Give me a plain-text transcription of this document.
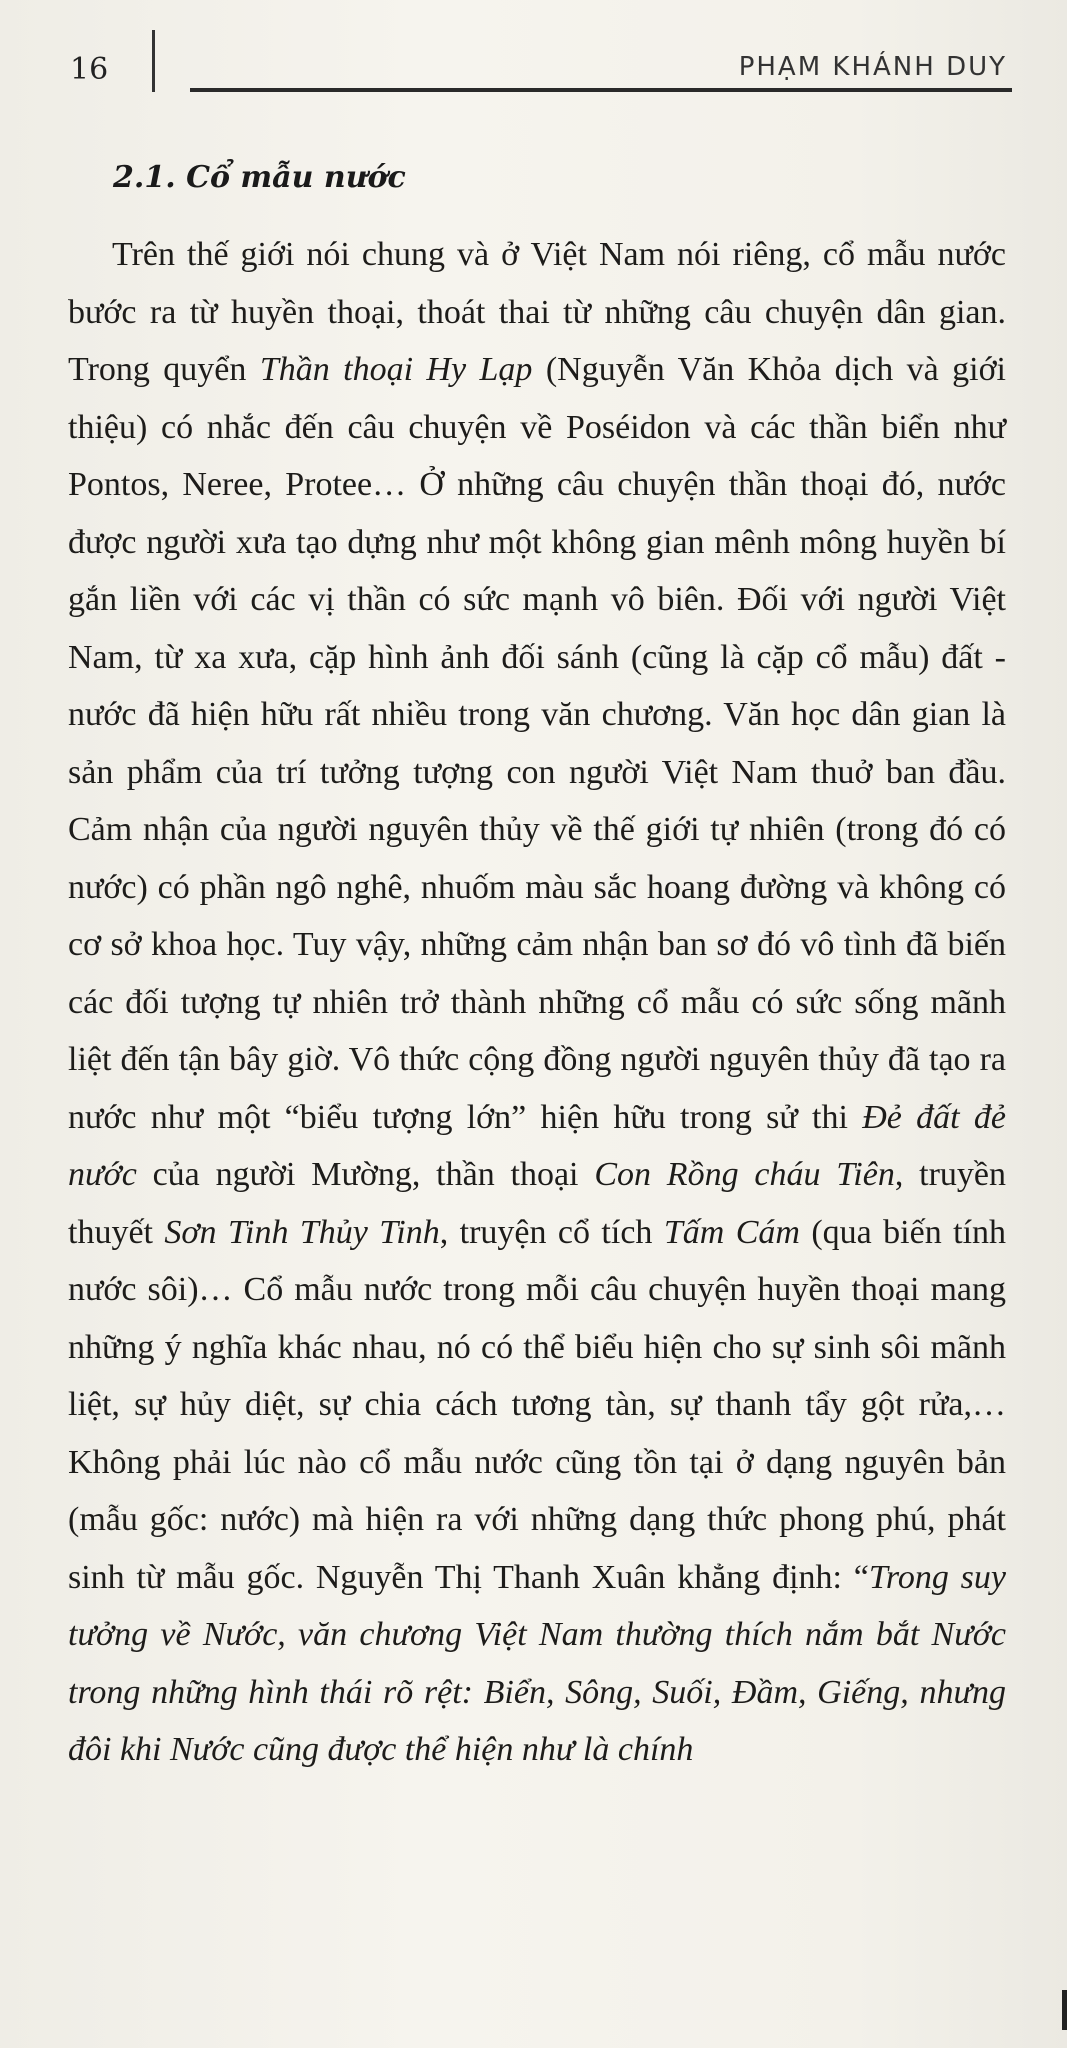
16	PHẠM KHÁNH DUY
2.1. Cổ mẫu nước

Trên thế giới nói chung và ở Việt Nam nói riêng, cổ mẫu nước bước ra từ huyền thoại, thoát thai từ những câu chuyện dân gian. Trong quyển Thần thoại Hy Lạp (Nguyễn Văn Khỏa dịch và giới thiệu) có nhắc đến câu chuyện về Poséidon và các thần biển như Pontos, Neree, Protee… Ở những câu chuyện thần thoại đó, nước được người xưa tạo dựng như một không gian mênh mông huyền bí gắn liền với các vị thần có sức mạnh vô biên. Đối với người Việt Nam, từ xa xưa, cặp hình ảnh đối sánh (cũng là cặp cổ mẫu) đất - nước đã hiện hữu rất nhiều trong văn chương. Văn học dân gian là sản phẩm của trí tưởng tượng con người Việt Nam thuở ban đầu. Cảm nhận của người nguyên thủy về thế giới tự nhiên (trong đó có nước) có phần ngô nghê, nhuốm màu sắc hoang đường và không có cơ sở khoa học. Tuy vậy, những cảm nhận ban sơ đó vô tình đã biến các đối tượng tự nhiên trở thành những cổ mẫu có sức sống mãnh liệt đến tận bây giờ. Vô thức cộng đồng người nguyên thủy đã tạo ra nước như một “biểu tượng lớn” hiện hữu trong sử thi Đẻ đất đẻ nước của người Mường, thần thoại Con Rồng cháu Tiên, truyền thuyết Sơn Tinh Thủy Tinh, truyện cổ tích Tấm Cám (qua biến tính nước sôi)… Cổ mẫu nước trong mỗi câu chuyện huyền thoại mang những ý nghĩa khác nhau, nó có thể biểu hiện cho sự sinh sôi mãnh liệt, sự hủy diệt, sự chia cách tương tàn, sự thanh tẩy gột rửa,… Không phải lúc nào cổ mẫu nước cũng tồn tại ở dạng nguyên bản (mẫu gốc: nước) mà hiện ra với những dạng thức phong phú, phát sinh từ mẫu gốc. Nguyễn Thị Thanh Xuân khẳng định: “Trong suy tưởng về Nước, văn chương Việt Nam thường thích nắm bắt Nước trong những hình thái rõ rệt: Biển, Sông, Suối, Đầm, Giếng, nhưng đôi khi Nước cũng được thể hiện như là chính
